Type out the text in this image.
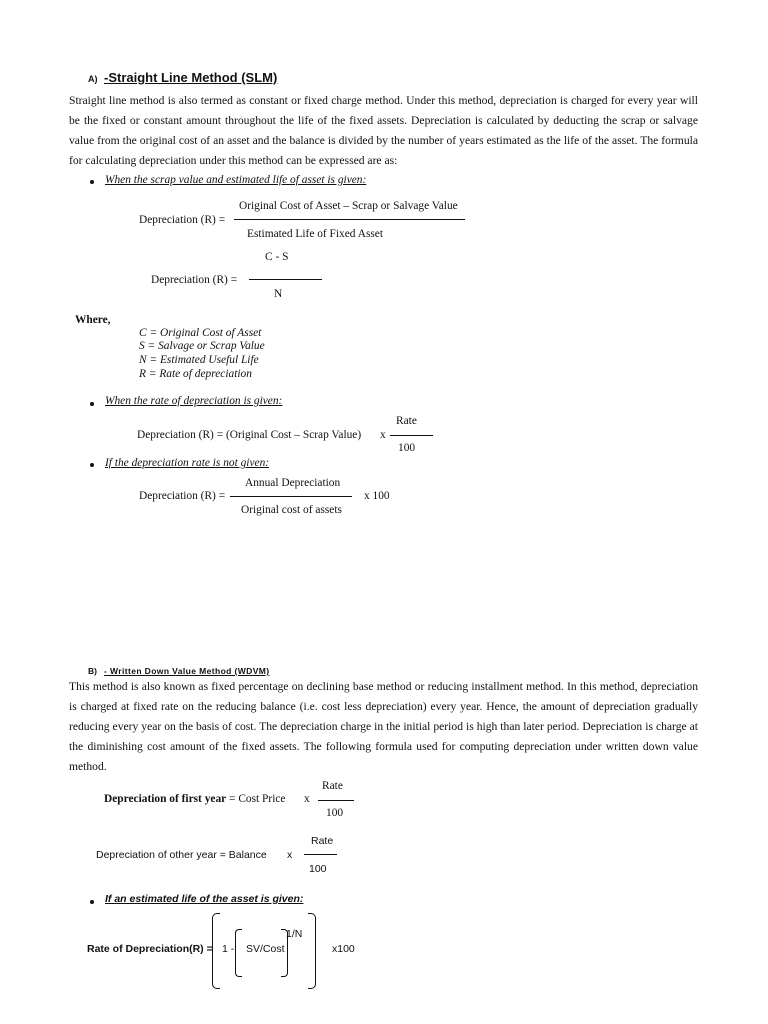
A) -Straight Line Method (SLM)
Straight line method is also termed as constant or fixed charge method. Under this method, depreciation is charged for every year will be the fixed or constant amount throughout the life of the fixed assets. Depreciation is calculated by deducting the scrap or salvage value from the original cost of an asset and the balance is divided by the number of years estimated as the life of the asset. The formula for calculating depreciation under this method can be expressed are as:
When the scrap value and estimated life of asset is given:
Depreciation (R) =
Original Cost of Asset – Scrap or Salvage Value
Estimated Life of Fixed Asset
C - S
Depreciation (R) =
N
Where,
C = Original Cost of Asset
S = Salvage or Scrap Value
N = Estimated Useful Life
R = Rate of depreciation
When the rate of depreciation is given:
Rate
Depreciation (R) = (Original Cost – Scrap Value) x
100
If the depreciation rate is not given:
Annual Depreciation
Depreciation (R) =	x 100
Original cost of assets
B) - Written Down Value Method (WDVM)
This method is also known as fixed percentage on declining base method or reducing installment method. In this method, depreciation is charged at fixed rate on the reducing balance (i.e. cost less depreciation) every year. Hence, the amount of depreciation gradually reducing every year on the basis of cost. The depreciation charge in the initial period is high than later period. Depreciation is charge at the diminishing cost amount of the fixed assets. The following formula used for computing depreciation under written down value method.
Rate
Depreciation of first year = Cost Price x
100
Rate
Depreciation of other year = Balance x
100
If an estimated life of the asset is given:
Rate of Depreciation(R) = 1 - SV/Cost
1/N
x100
